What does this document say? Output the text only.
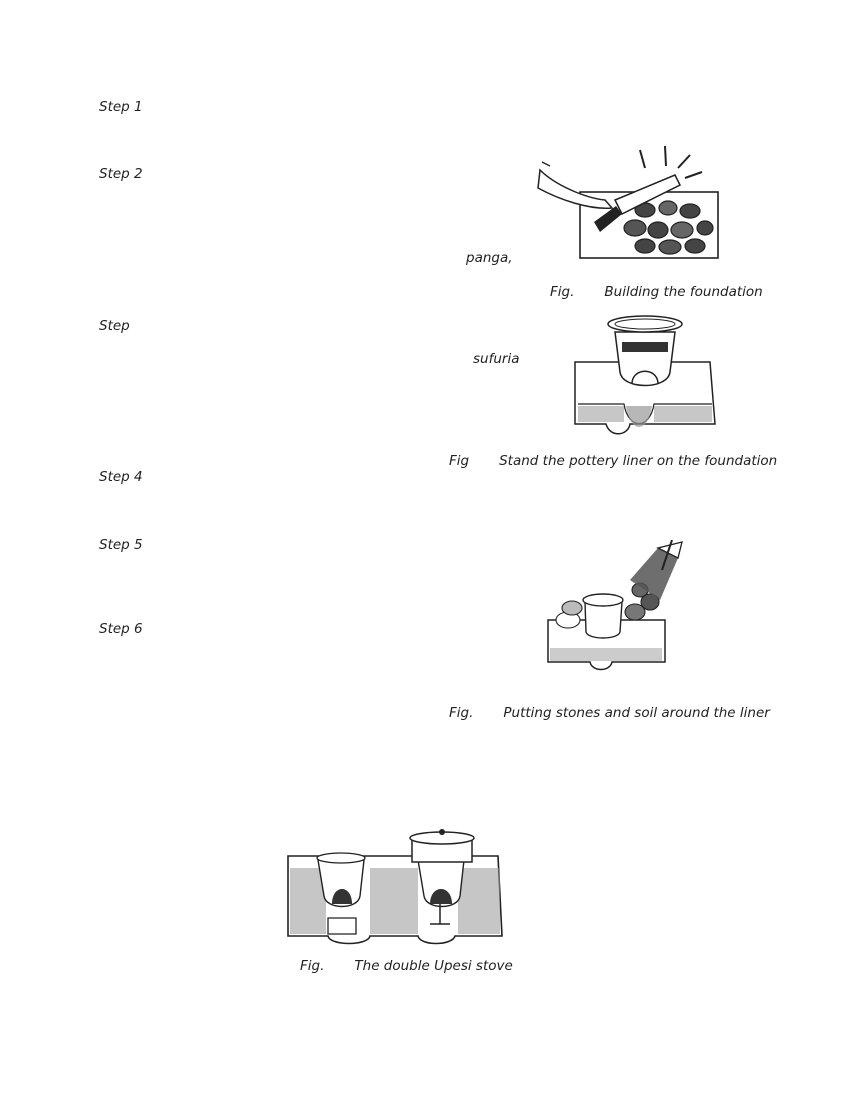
Step 1
Step 2
Step
Step 4
Step 5
Step 6
panga,
sufuria
Fig. Building the foundation
Fig Stand the pottery liner on the foundation
Fig. Putting stones and soil around the liner
Fig. The double Upesi stove
